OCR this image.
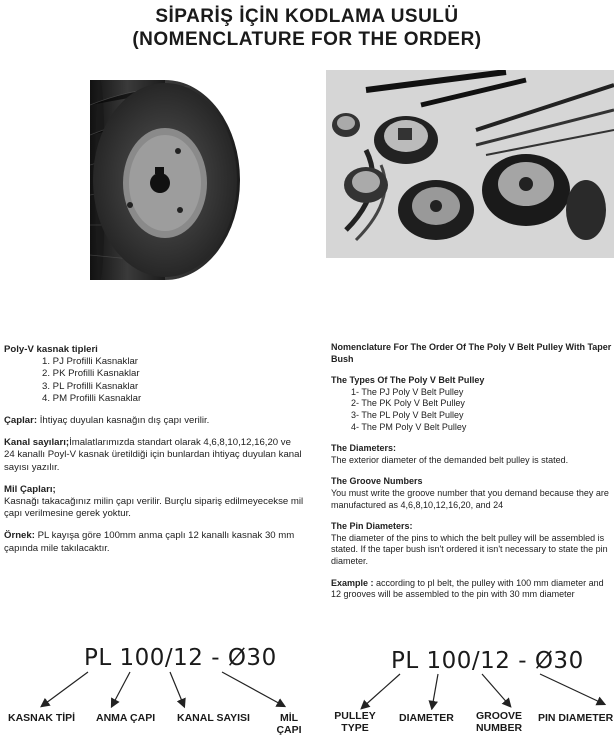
SİPARİŞ İÇİN KODLAMA USULÜ
(NOMENCLATURE FOR THE ORDER)

Poly-V kasnak tipleri

1. PJ Profilli Kasnaklar

2. PK Profilli Kasnaklar

3. PL Profilli Kasnaklar

4. PM Profilli Kasnaklar

Çaplar: İhtiyaç duyulan kasnağın dış çapı verilir.

Kanal sayıları;İmalatlarımızda standart olarak 4,6,8,10,12,16,20 ve 24 kanallı Poyl-V kasnak üretildiği için bunlardan ihtiyaç duyulan kanal sayısı yazılır.

Mil Çapları;

Kasnağı takacağınız milin çapı verilir. Burçlu sipariş edilmeyecekse mil çapı verilmesine gerek yoktur.

Örnek: PL kayışa göre 100mm anma çaplı 12 kanallı kasnak 30 mm çapında mile takılacaktır.

Nomenclature For The Order Of The Poly V Belt Pulley With Taper Bush

The Types Of The Poly V Belt Pulley

1- The PJ Poly V Belt Pulley

2- The PK Poly V Belt Pulley

3- The PL Poly V Belt Pulley

4- The PM Poly V Belt Pulley

The Diameters:

The exterior diameter of the demanded belt pulley is stated.

The Groove Numbers

You must write the groove number that you demand because they are manufactured as 4,6,8,10,12,16,20, and 24

The Pin Diameters:

The diameter of the pins to which the belt pulley will be assembled is stated. If the taper bush isn't ordered it isn't necessary to state the pin diameter.

Example : according to pl belt, the pulley with 100 mm diameter and 12 grooves will be assembled to the pin with 30 mm diameter

PL 100/12 - Ø30	PL 100/12 - Ø30
KASNAK TİPİ ANMA ÇAPI KANAL SAYISI	MİL
ÇAPI
PULLEY
TYPE
DIAMETER	GROOVE
NUMBER
PIN DIAMETER
